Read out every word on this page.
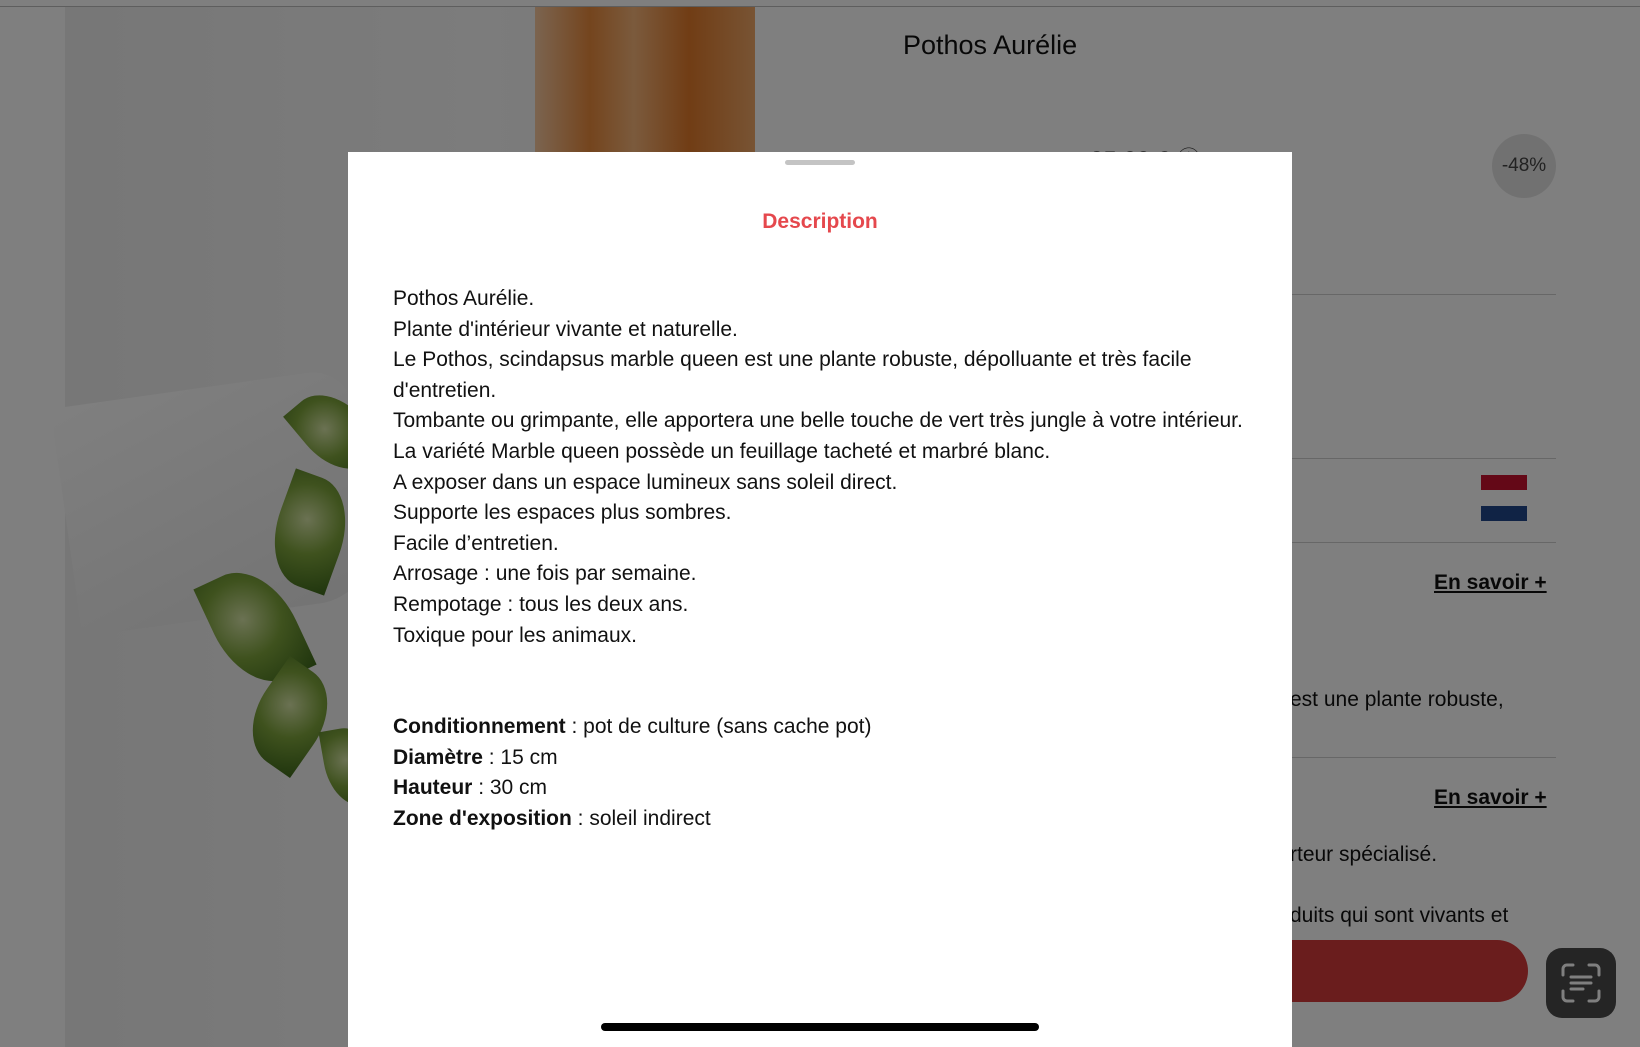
Description

Pothos Aurélie.

Plante d'intérieur vivante et naturelle.

Le Pothos, scindapsus marble queen est une plante robuste, dépolluante et très facile d'entretien.

Tombante ou grimpante, elle apportera une belle touche de vert très jungle à votre intérieur.

La variété Marble queen possède un feuillage tacheté et marbré blanc.

A exposer dans un espace lumineux sans soleil direct.

Supporte les espaces plus sombres.

Facile d’entretien.

Arrosage : une fois par semaine.

Rempotage : tous les deux ans.

Toxique pour les animaux.

Conditionnement : pot de culture (sans cache pot)
Diamètre : 15 cm
Hauteur : 30 cm
Zone d'exposition : soleil indirect
